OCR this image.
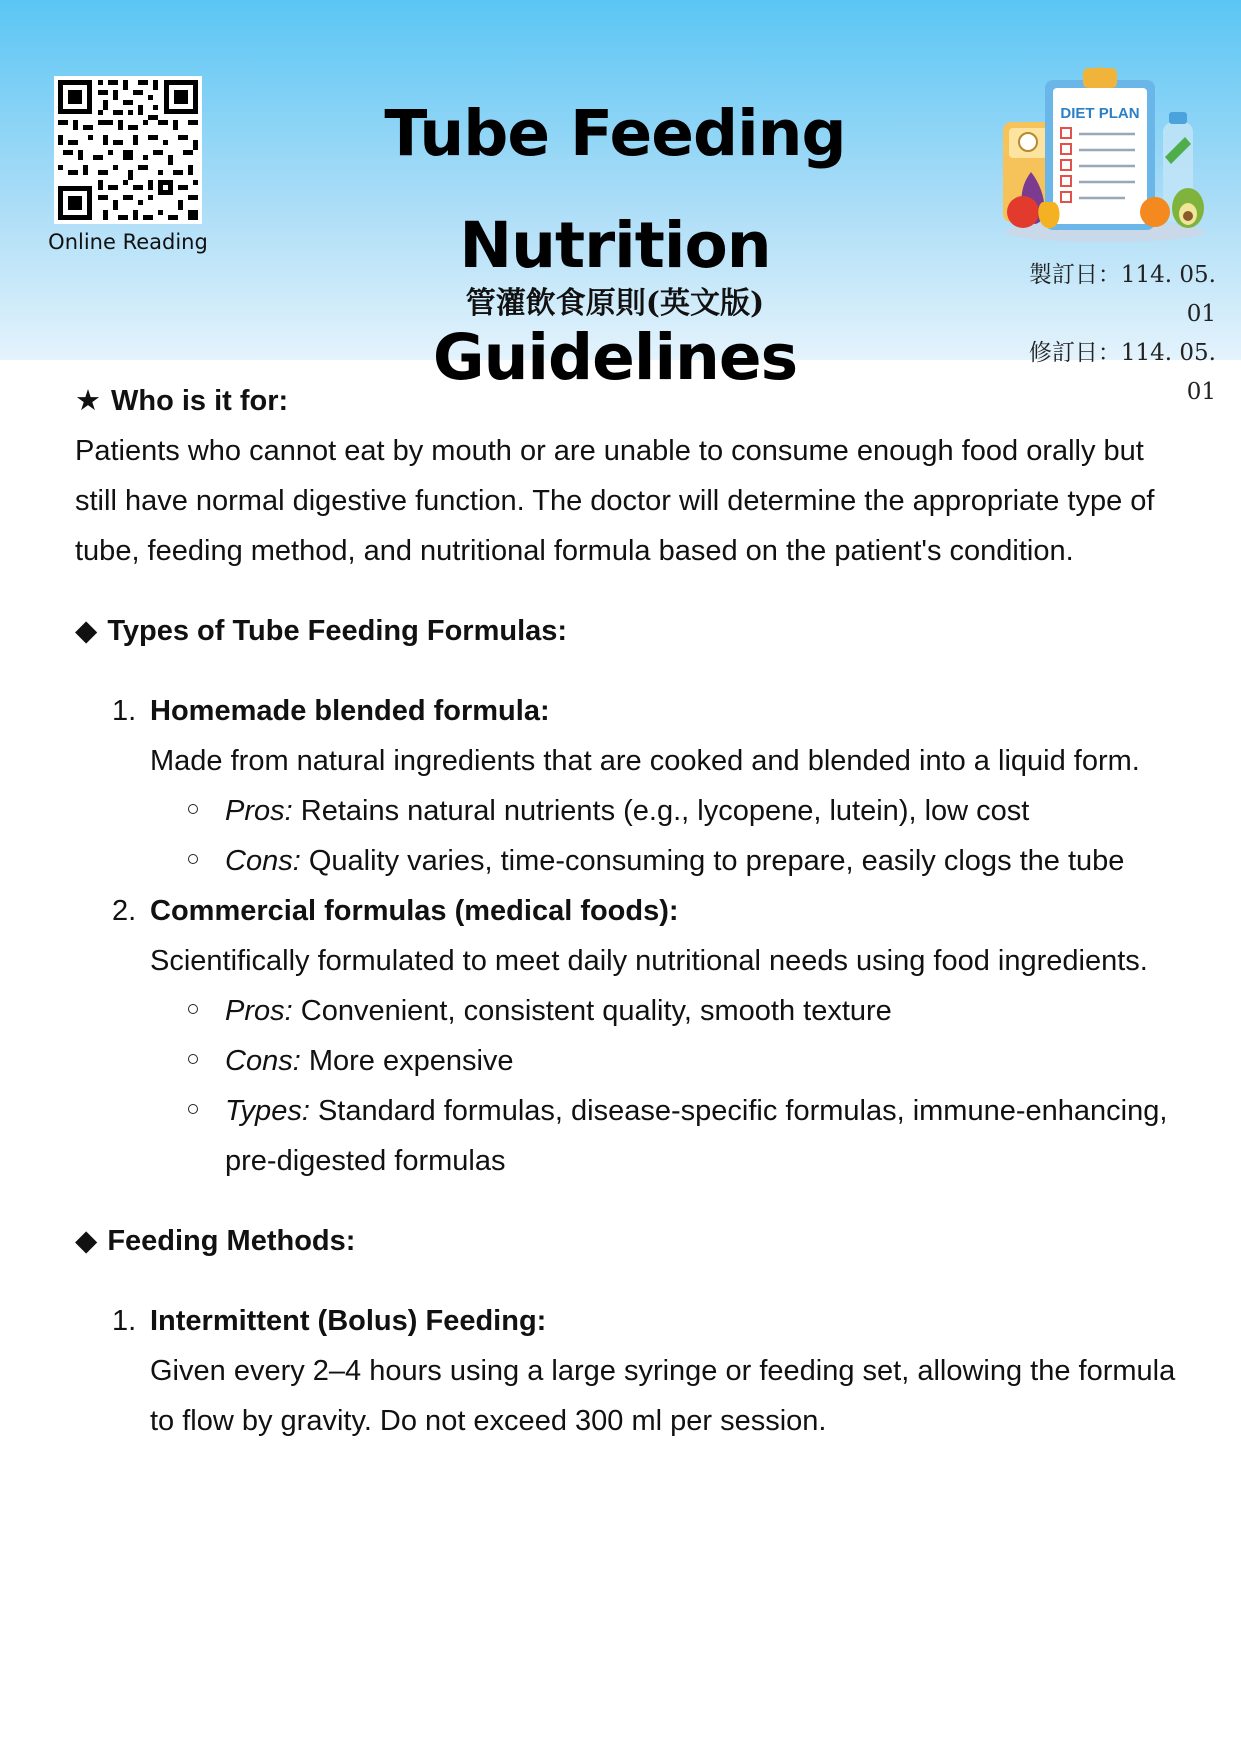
Online Reading
Tube Feeding Nutrition
Guidelines
管灌飲食原則(英文版)
DIET PLAN
製訂日：114. 05. 01
修訂日：114. 05. 01

★ Who is it for:

Patients who cannot eat by mouth or are unable to consume enough food orally but still have normal digestive function. The doctor will determine the appropriate type of tube, feeding method, and nutritional formula based on the patient's condition.

◆ Types of Tube Feeding Formulas:

1. Homemade blended formula:

Made from natural ingredients that are cooked and blended into a liquid form.

Pros: Retains natural nutrients (e.g., lycopene, lutein), low cost
Cons: Quality varies, time-consuming to prepare, easily clogs the tube
2. Commercial formulas (medical foods):

Scientifically formulated to meet daily nutritional needs using food ingredients.

Pros: Convenient, consistent quality, smooth texture
Cons: More expensive
Types: Standard formulas, disease-specific formulas, immune-enhancing, pre-digested formulas

◆ Feeding Methods:

1. Intermittent (Bolus) Feeding:

Given every 2–4 hours using a large syringe or feeding set, allowing the formula to flow by gravity. Do not exceed 300 ml per session.
